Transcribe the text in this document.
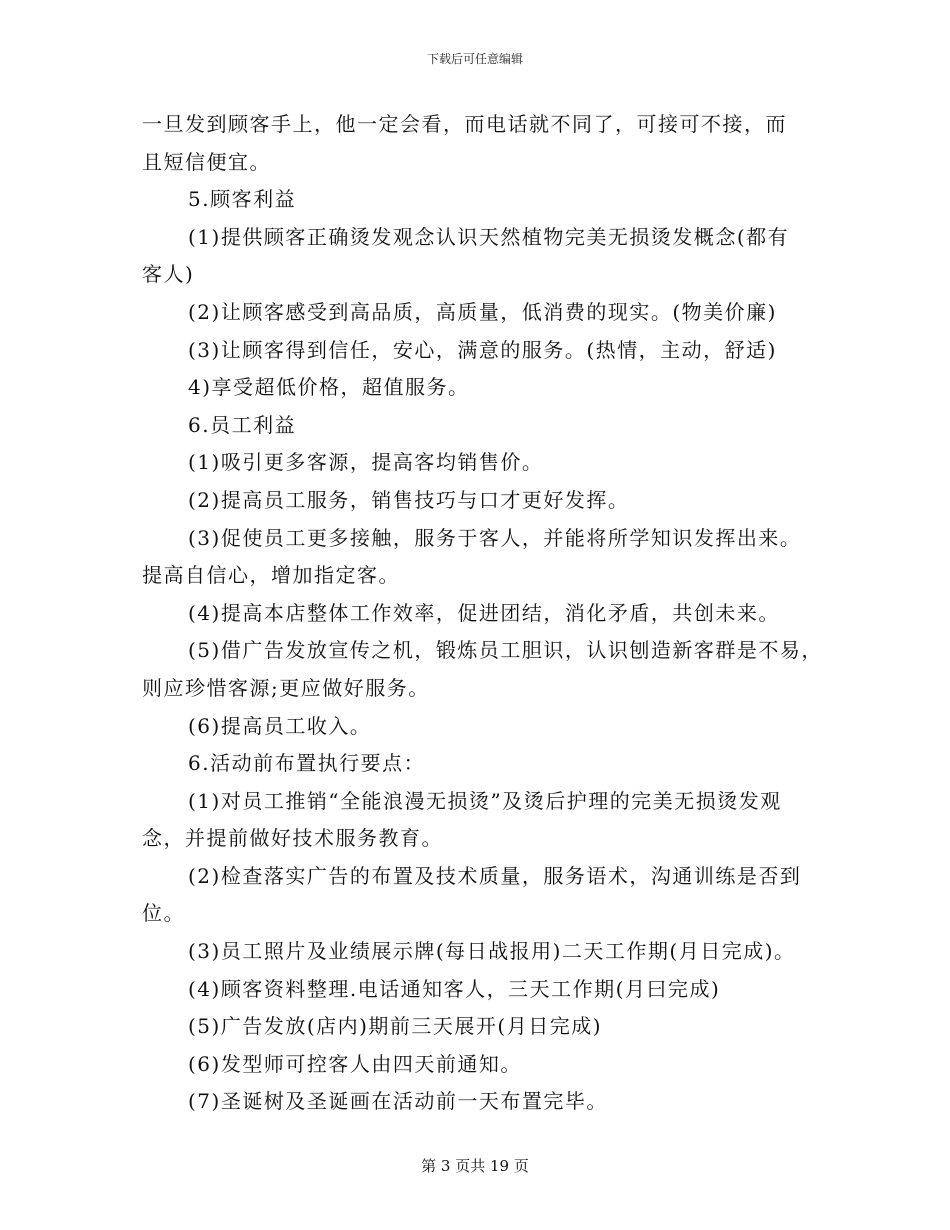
下载后可任意编辑

一旦发到顾客手上，他一定会看，而电话就不同了，可接可不接，而

且短信便宜。

5.顾客利益

(1)提供顾客正确烫发观念认识天然植物完美无损烫发概念(都有

客人)

(2)让顾客感受到高品质，高质量，低消费的现实。(物美价廉)

(3)让顾客得到信任，安心，满意的服务。(热情，主动，舒适)

4)享受超低价格，超值服务。

6.员工利益

(1)吸引更多客源，提高客均销售价。

(2)提高员工服务，销售技巧与口才更好发挥。

(3)促使员工更多接触，服务于客人，并能将所学知识发挥出来。

提高自信心，增加指定客。

(4)提高本店整体工作效率，促进团结，消化矛盾，共创未来。

(5)借广告发放宣传之机，锻炼员工胆识，认识刨造新客群是不易，

则应珍惜客源;更应做好服务。

(6)提高员工收入。

6.活动前布置执行要点：

(1)对员工推销“全能浪漫无损烫”及烫后护理的完美无损烫发观

念，并提前做好技术服务教育。

(2)检查落实广告的布置及技术质量，服务语术，沟通训练是否到

位。

(3)员工照片及业绩展示牌(每日战报用)二天工作期(月日完成)。

(4)顾客资料整理.电话通知客人，三天工作期(月曰完成)

(5)广告发放(店内)期前三天展开(月日完成)

(6)发型师可控客人由四天前通知。

(7)圣诞树及圣诞画在活动前一天布置完毕。

第 3 页共 19 页
